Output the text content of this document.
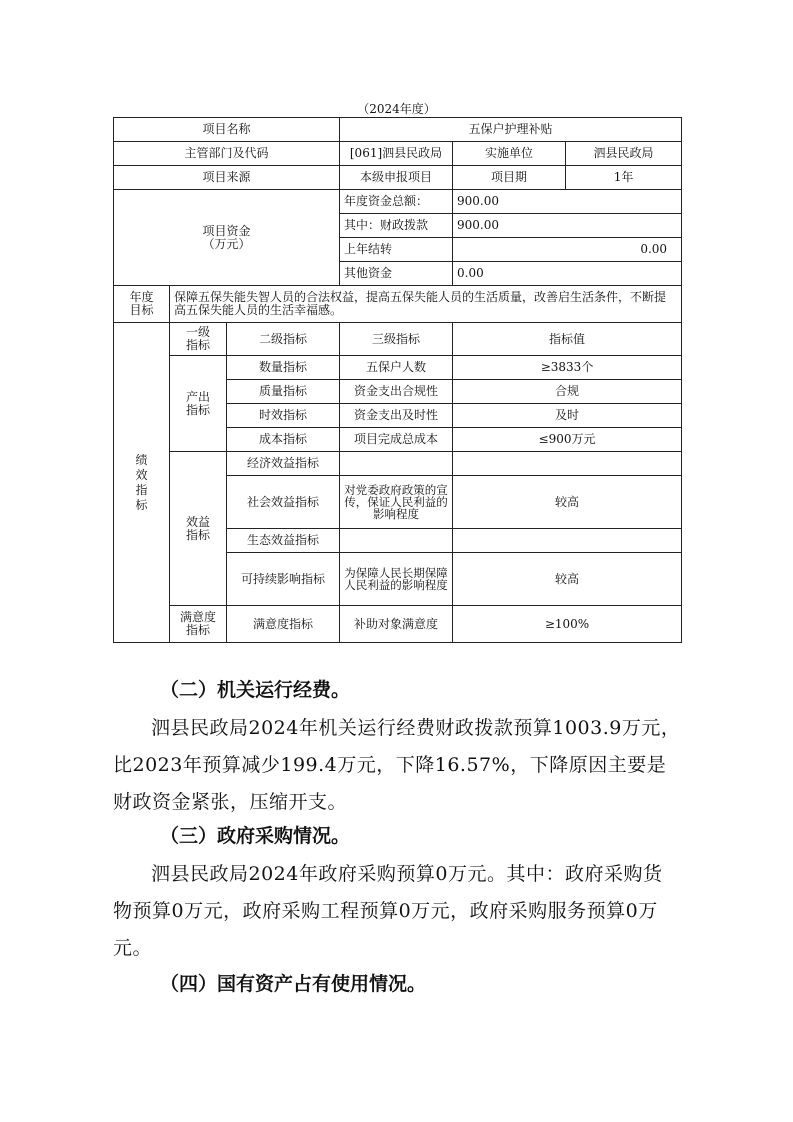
（2024年度）
项目名称			五保户护理补贴		
主管部门及代码			[061]泗县民政局	实施单位	泗县民政局
项目来源			本级申报项目	项目期	1年
项目资金
（万元）			年度资金总额：	900.00	
			其中：财政拨款	900.00	
			上年结转	0.00	
			其他资金	0.00	
年度目标	保障五保失能失智人员的合法权益，提高五保失能人员的生活质量，改善启生活条件，不断提高五保失能人员的生活幸福感。				
绩效指标	一级指标	二级指标	三级指标	指标值	
	产出指标	数量指标	五保户人数	≥3833个	
		质量指标	资金支出合规性	合规	
		时效指标	资金支出及时性	及时	
		成本指标	项目完成总成本	≤900万元	
	效益指标	经济效益指标			
		社会效益指标	对党委政府政策的宣传，保证人民利益的影响程度	较高	
		生态效益指标			
		可持续影响指标	为保障人民长期保障人民利益的影响程度	较高	
	满意度指标	满意度指标	补助对象满意度	≥100%	
（二）机关运行经费。
泗县民政局2024年机关运行经费财政拨款预算1003.9万元，比2023年预算减少199.4万元，下降16.57%，下降原因主要是财政资金紧张，压缩开支。
（三）政府采购情况。
泗县民政局2024年政府采购预算0万元。其中：政府采购货物预算0万元，政府采购工程预算0万元，政府采购服务预算0万元。
（四）国有资产占有使用情况。
